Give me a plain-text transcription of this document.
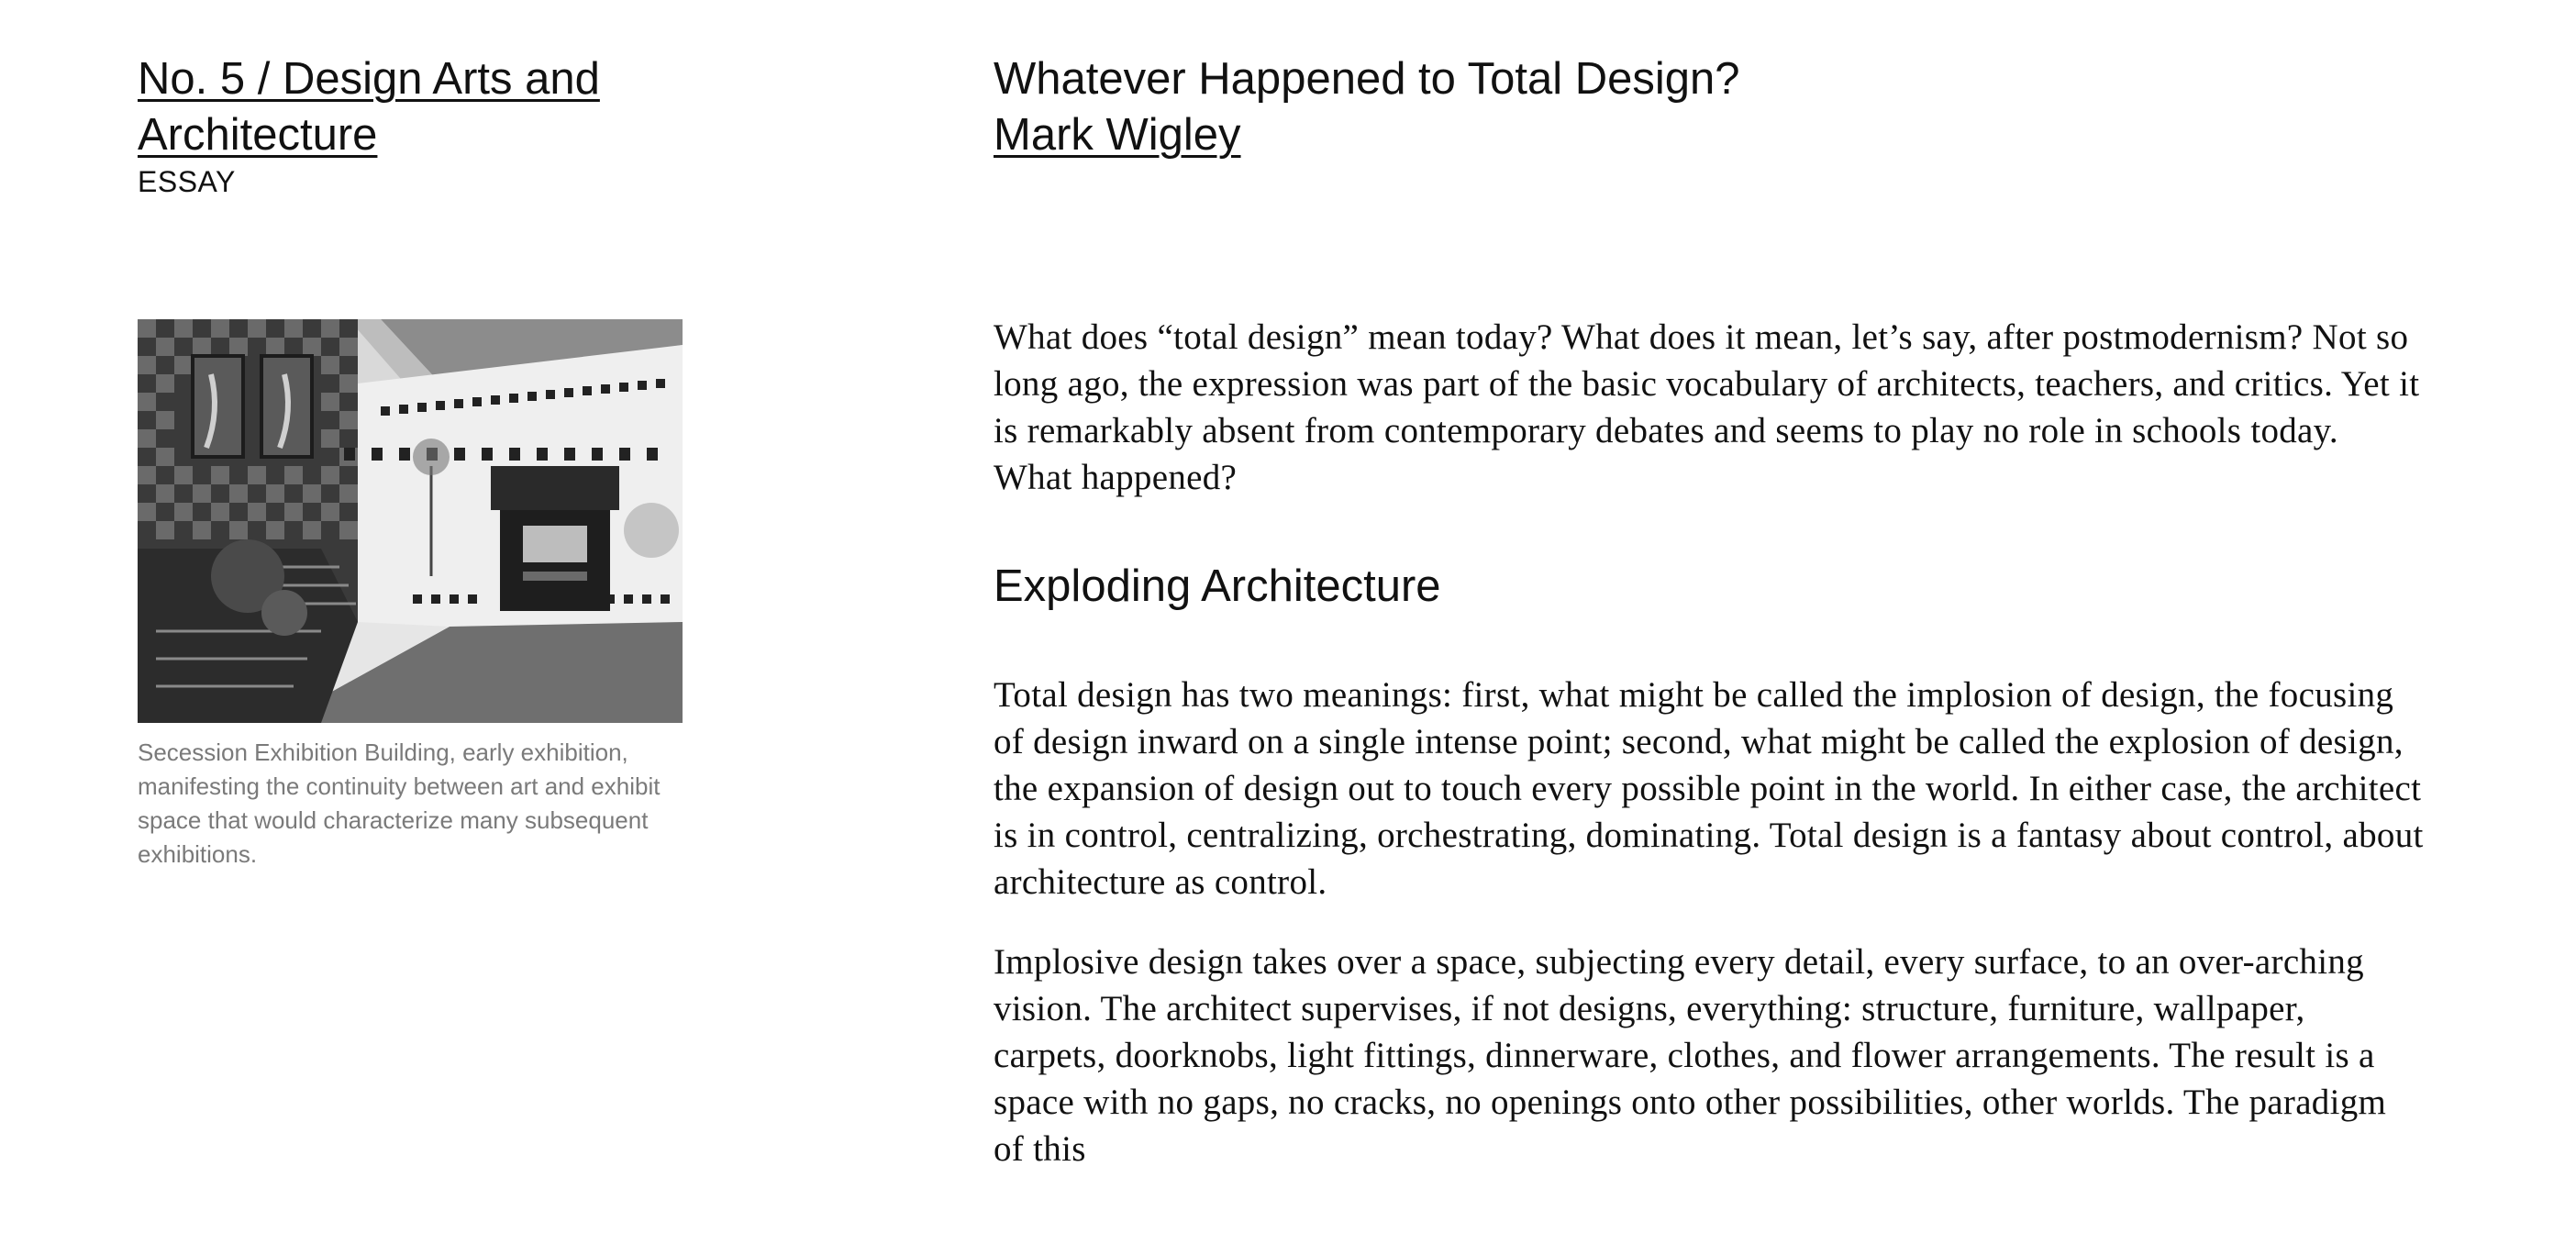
No. 5 / Design Arts and Architecture
ESSAY
Secession Exhibition Building, early exhibition, manifesting the continuity between art and exhibit space that would characterize many subsequent exhibitions.
Whatever Happened to Total Design?
Mark Wigley

What does “total design” mean today? What does it mean, let’s say, after postmodernism? Not so long ago, the expression was part of the basic vocabulary of architects, teachers, and critics. Yet it is remarkably absent from contemporary debates and seems to play no role in schools today. What happened?

Exploding Architecture

Total design has two meanings: first, what might be called the implosion of design, the focusing of design inward on a single intense point; second, what might be called the explosion of design, the expansion of design out to touch every possible point in the world. In either case, the architect is in control, centralizing, orchestrating, dominating. Total design is a fantasy about control, about architecture as control.

Implosive design takes over a space, subjecting every detail, every surface, to an over-arching vision. The architect supervises, if not designs, everything: structure, furniture, wallpaper, carpets, doorknobs, light fittings, dinnerware, clothes, and flower arrangements. The result is a space with no gaps, no cracks, no openings onto other possibilities, other worlds. The paradigm of this
